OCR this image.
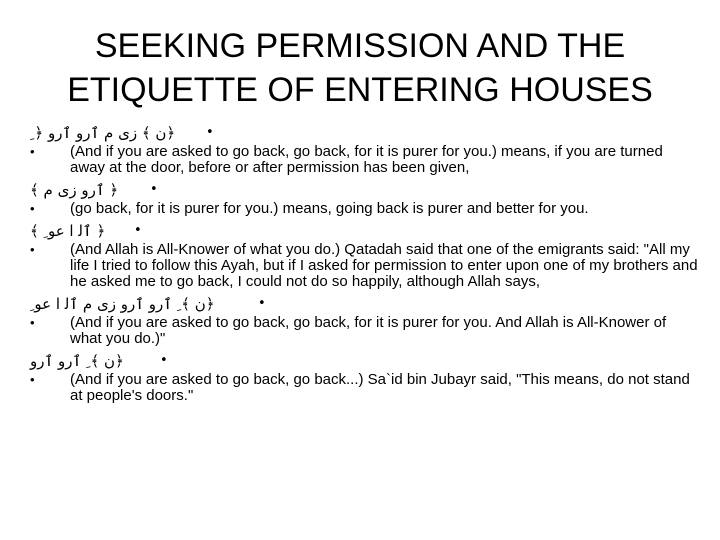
SEEKING PERMISSION AND THE
ETIQUETTE OF ENTERING HOUSES
﴿ن ﴾ زى م ٱرو ٱرو ﴿ ِ •
• (And if you are asked to go back, go back, for it is purer for you.) means, if you are turned away at the door, before or after permission has been given,
﴿ ٱرو زى م ﴾ •
• (go back, for it is purer for you.) means, going back is purer and better for you.
﴿ ٱﻟ ﺍ ﻋﻮ ِ ﴾ •
• (And Allah is All-Knower of what you do.) Qatadah said that one of the emigrants said: "All my life I tried to follow this Ayah, but if I asked for permission to enter upon one of my brothers and he asked me to go back, I could not do so happily, although Allah says,
﴿ن ﴾ ِ ٱرو ٱرو زى م ٱﻟ ﺍ ﻋﻮ ِ	•
• (And if you are asked to go back, go back, for it is purer for you. And Allah is All-Knower of what you do.)"
﴿ن ﴾ ِ ٱرو ٱرو	•
• (And if you are asked to go back, go back...) Sa`id bin Jubayr said, "This means, do not stand at people's doors."
